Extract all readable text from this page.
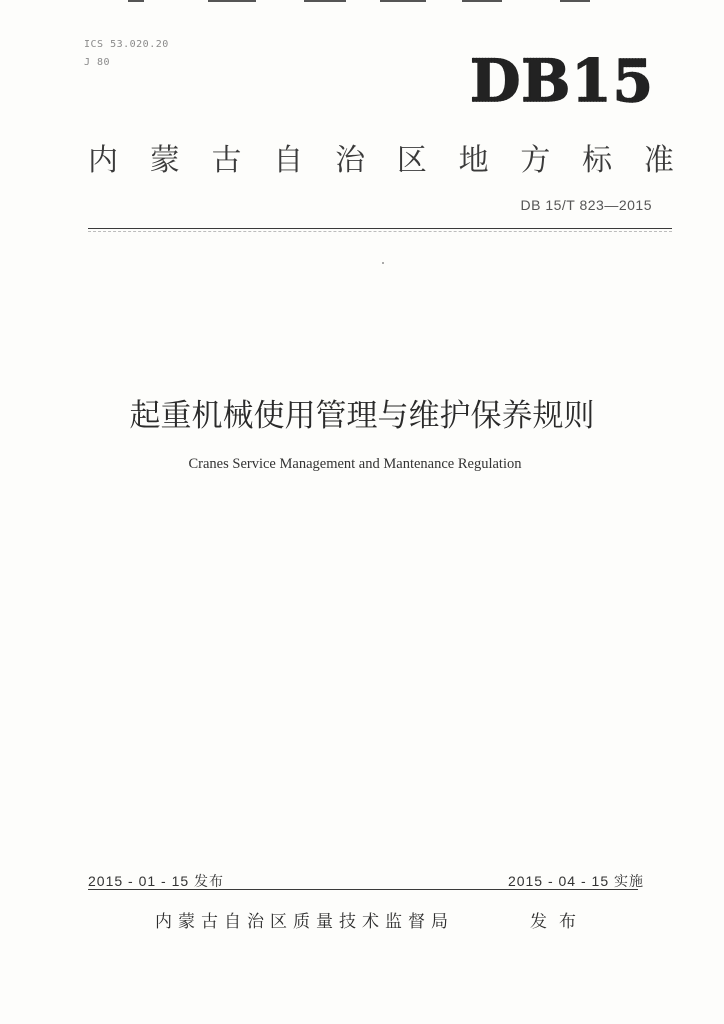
ICS 53.020.20
J 80	DB15
内 蒙 古 自 治 区 地 方 标 准
DB 15/T 823—2015
起重机械使用管理与维护保养规则
Cranes Service Management and Mantenance Regulation
2015 - 01 - 15 发布	2015 - 04 - 15 实施
内蒙古自治区质量技术监督局	发布
